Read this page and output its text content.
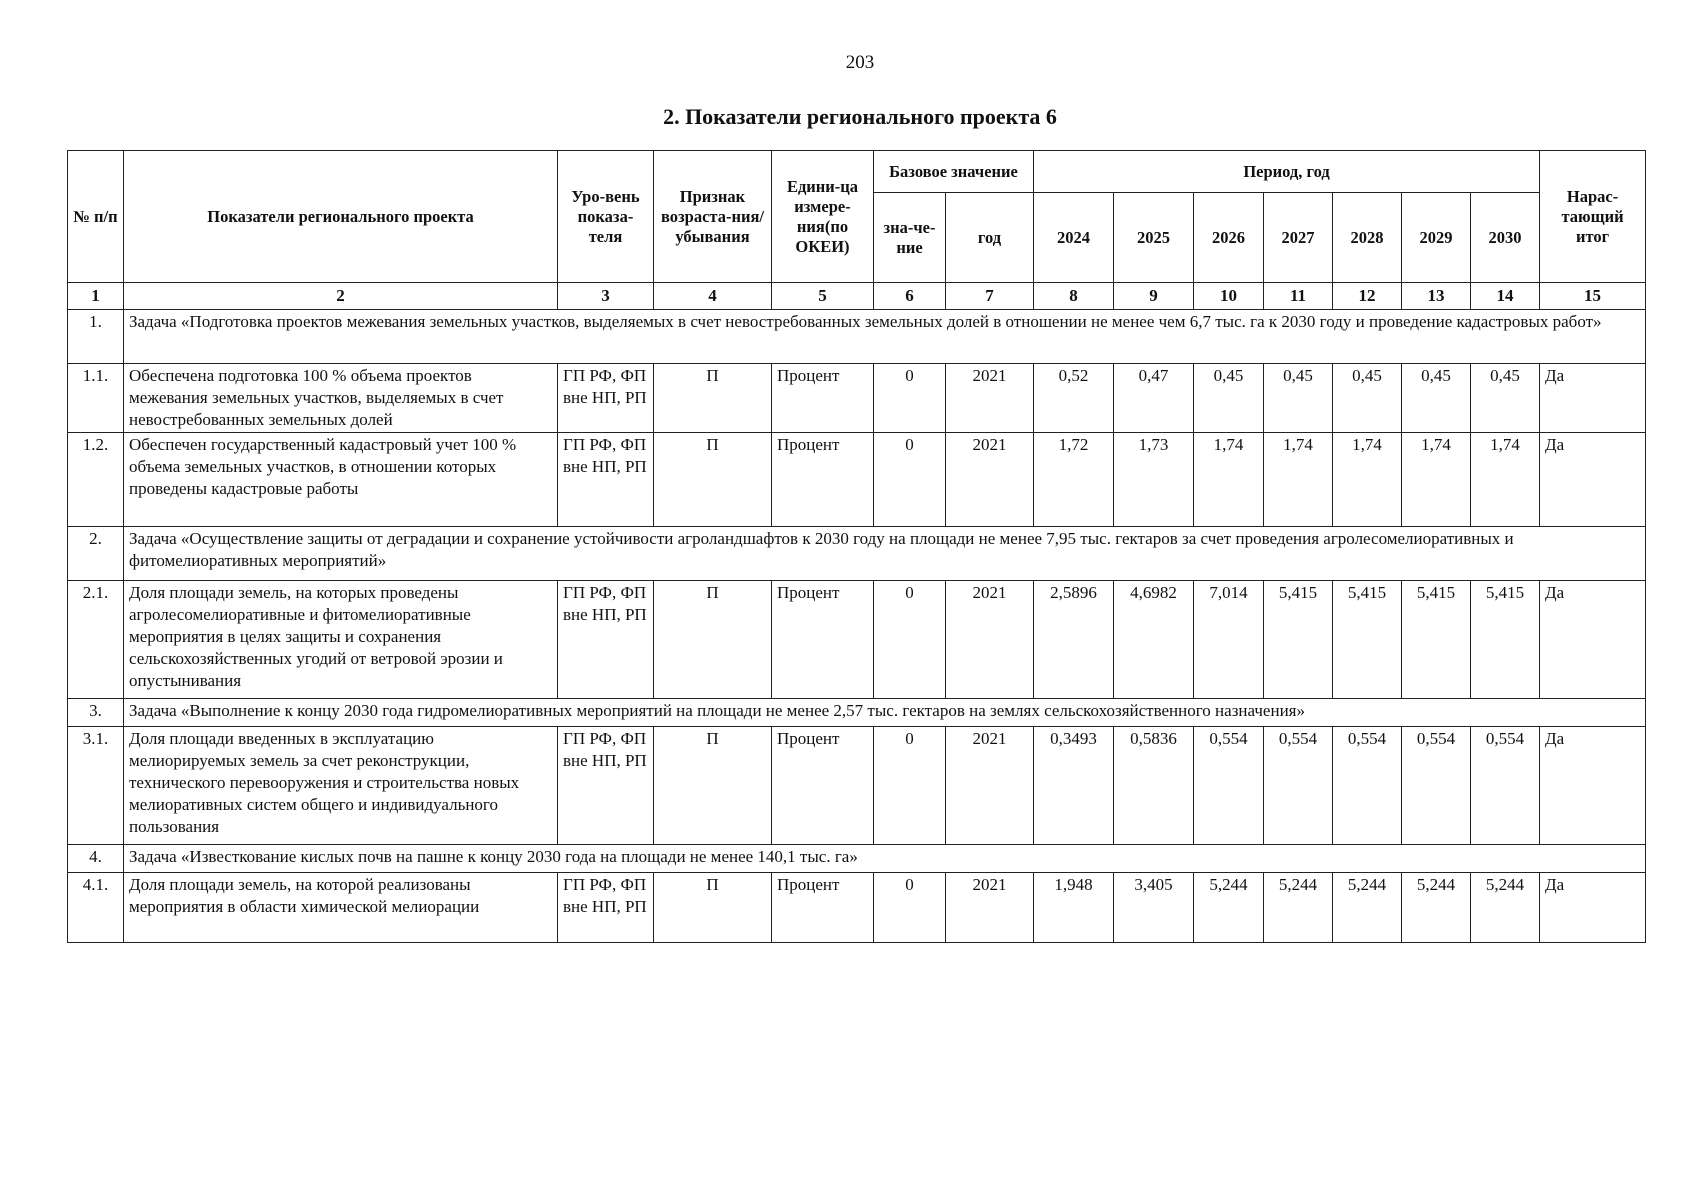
203
2. Показатели регионального проекта 6
№ п/п	Показатели регионального проекта	Уро-вень показа-теля	Признак возраста-ния/ убывания	Едини-ца измере-ния(по ОКЕИ)	Базовое значение		Период, год							Нарас-тающий итог
					зна-че-ние	год	2024	2025	2026	2027	2028	2029	2030	
1	2	3	4	5	6	7	8	9	10	11	12	13	14	15
1.	Задача «Подготовка проектов межевания земельных участков, выделяемых в счет невостребованных земельных долей в отношении не менее чем 6,7 тыс. га к 2030 году и проведение кадастровых работ»													
1.1.	Обеспечена подготовка 100 % объема проектов межевания земельных участков, выделяемых в счет невостребованных земельных долей	ГП РФ, ФП вне НП, РП	П	Процент	0	2021	0,52	0,47	0,45	0,45	0,45	0,45	0,45	Да
1.2.	Обеспечен государственный кадастровый учет 100 % объема земельных участков, в отношении которых проведены кадастровые работы	ГП РФ, ФП вне НП, РП	П	Процент	0	2021	1,72	1,73	1,74	1,74	1,74	1,74	1,74	Да
2.	Задача «Осуществление защиты от деградации и сохранение устойчивости агроландшафтов к 2030 году на площади не менее 7,95 тыс. гектаров за счет проведения агролесомелиоративных и фитомелиоративных мероприятий»													
2.1.	Доля площади земель, на которых проведены агролесомелиоративные и фитомелиоративные мероприятия в целях защиты и сохранения сельскохозяйственных угодий от ветровой эрозии и опустынивания	ГП РФ, ФП вне НП, РП	П	Процент	0	2021	2,5896	4,6982	7,014	5,415	5,415	5,415	5,415	Да
3.	Задача «Выполнение к концу 2030 года гидромелиоративных мероприятий на площади не менее 2,57 тыс. гектаров на землях сельскохозяйственного назначения»													
3.1.	Доля площади введенных в эксплуатацию мелиорируемых земель за счет реконструкции, технического перевооружения и строительства новых мелиоративных систем общего и индивидуального пользования	ГП РФ, ФП вне НП, РП	П	Процент	0	2021	0,3493	0,5836	0,554	0,554	0,554	0,554	0,554	Да
4.	Задача «Известкование кислых почв на пашне к концу 2030 года на площади не менее 140,1 тыс. га»													
4.1.	Доля площади земель, на которой реализованы мероприятия в области химической мелиорации	ГП РФ, ФП вне НП, РП	П	Процент	0	2021	1,948	3,405	5,244	5,244	5,244	5,244	5,244	Да
